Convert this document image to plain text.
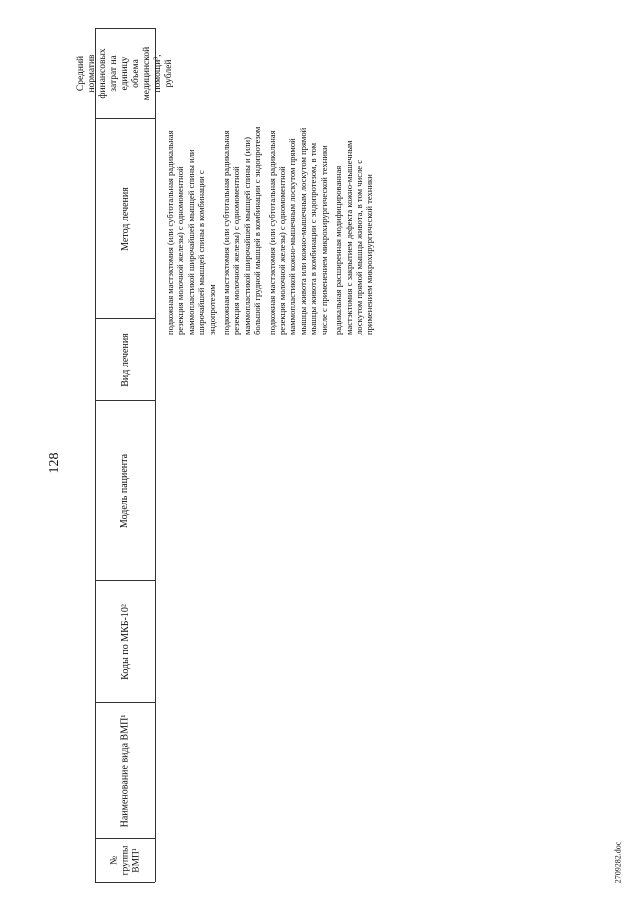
128
2709282.doc
Средний норматив финансовых затрат на единицу объема медицинской помощи³, рублей
Метод лечения
Вид лечения
Модель пациента
Коды по МКБ-10²
Наименование вида ВМП¹
№ группы ВМП¹

подкожная мастэктомия (или субтотальная радикальная резекция молочной железы) с одномоментной маммопластикой широчайшей мышцей спины или широчайшей мышцей спины в комбинации с эндопротезом подкожная мастэктомия (или субтотальная радикальная резекция молочной железы) с одномоментной маммопластикой широчайшей мышцей спины и (или) большой грудной мышцей в комбинации с эндопротезом подкожная мастэктомия (или субтотальная радикальная резекция молочной железы) с одномоментной маммопластикой кожно-мышечным лоскутом прямой мышцы живота или кожно-мышечным лоскутом прямой мышцы живота в комбинации с эндопротезом, в том числе с применением микрохирургической техники радикальная расширенная модифицированная мастэктомия с закрытием дефекта кожно-мышечным лоскутом прямой мышцы живота, в том числе с применением микрохирургической техники
